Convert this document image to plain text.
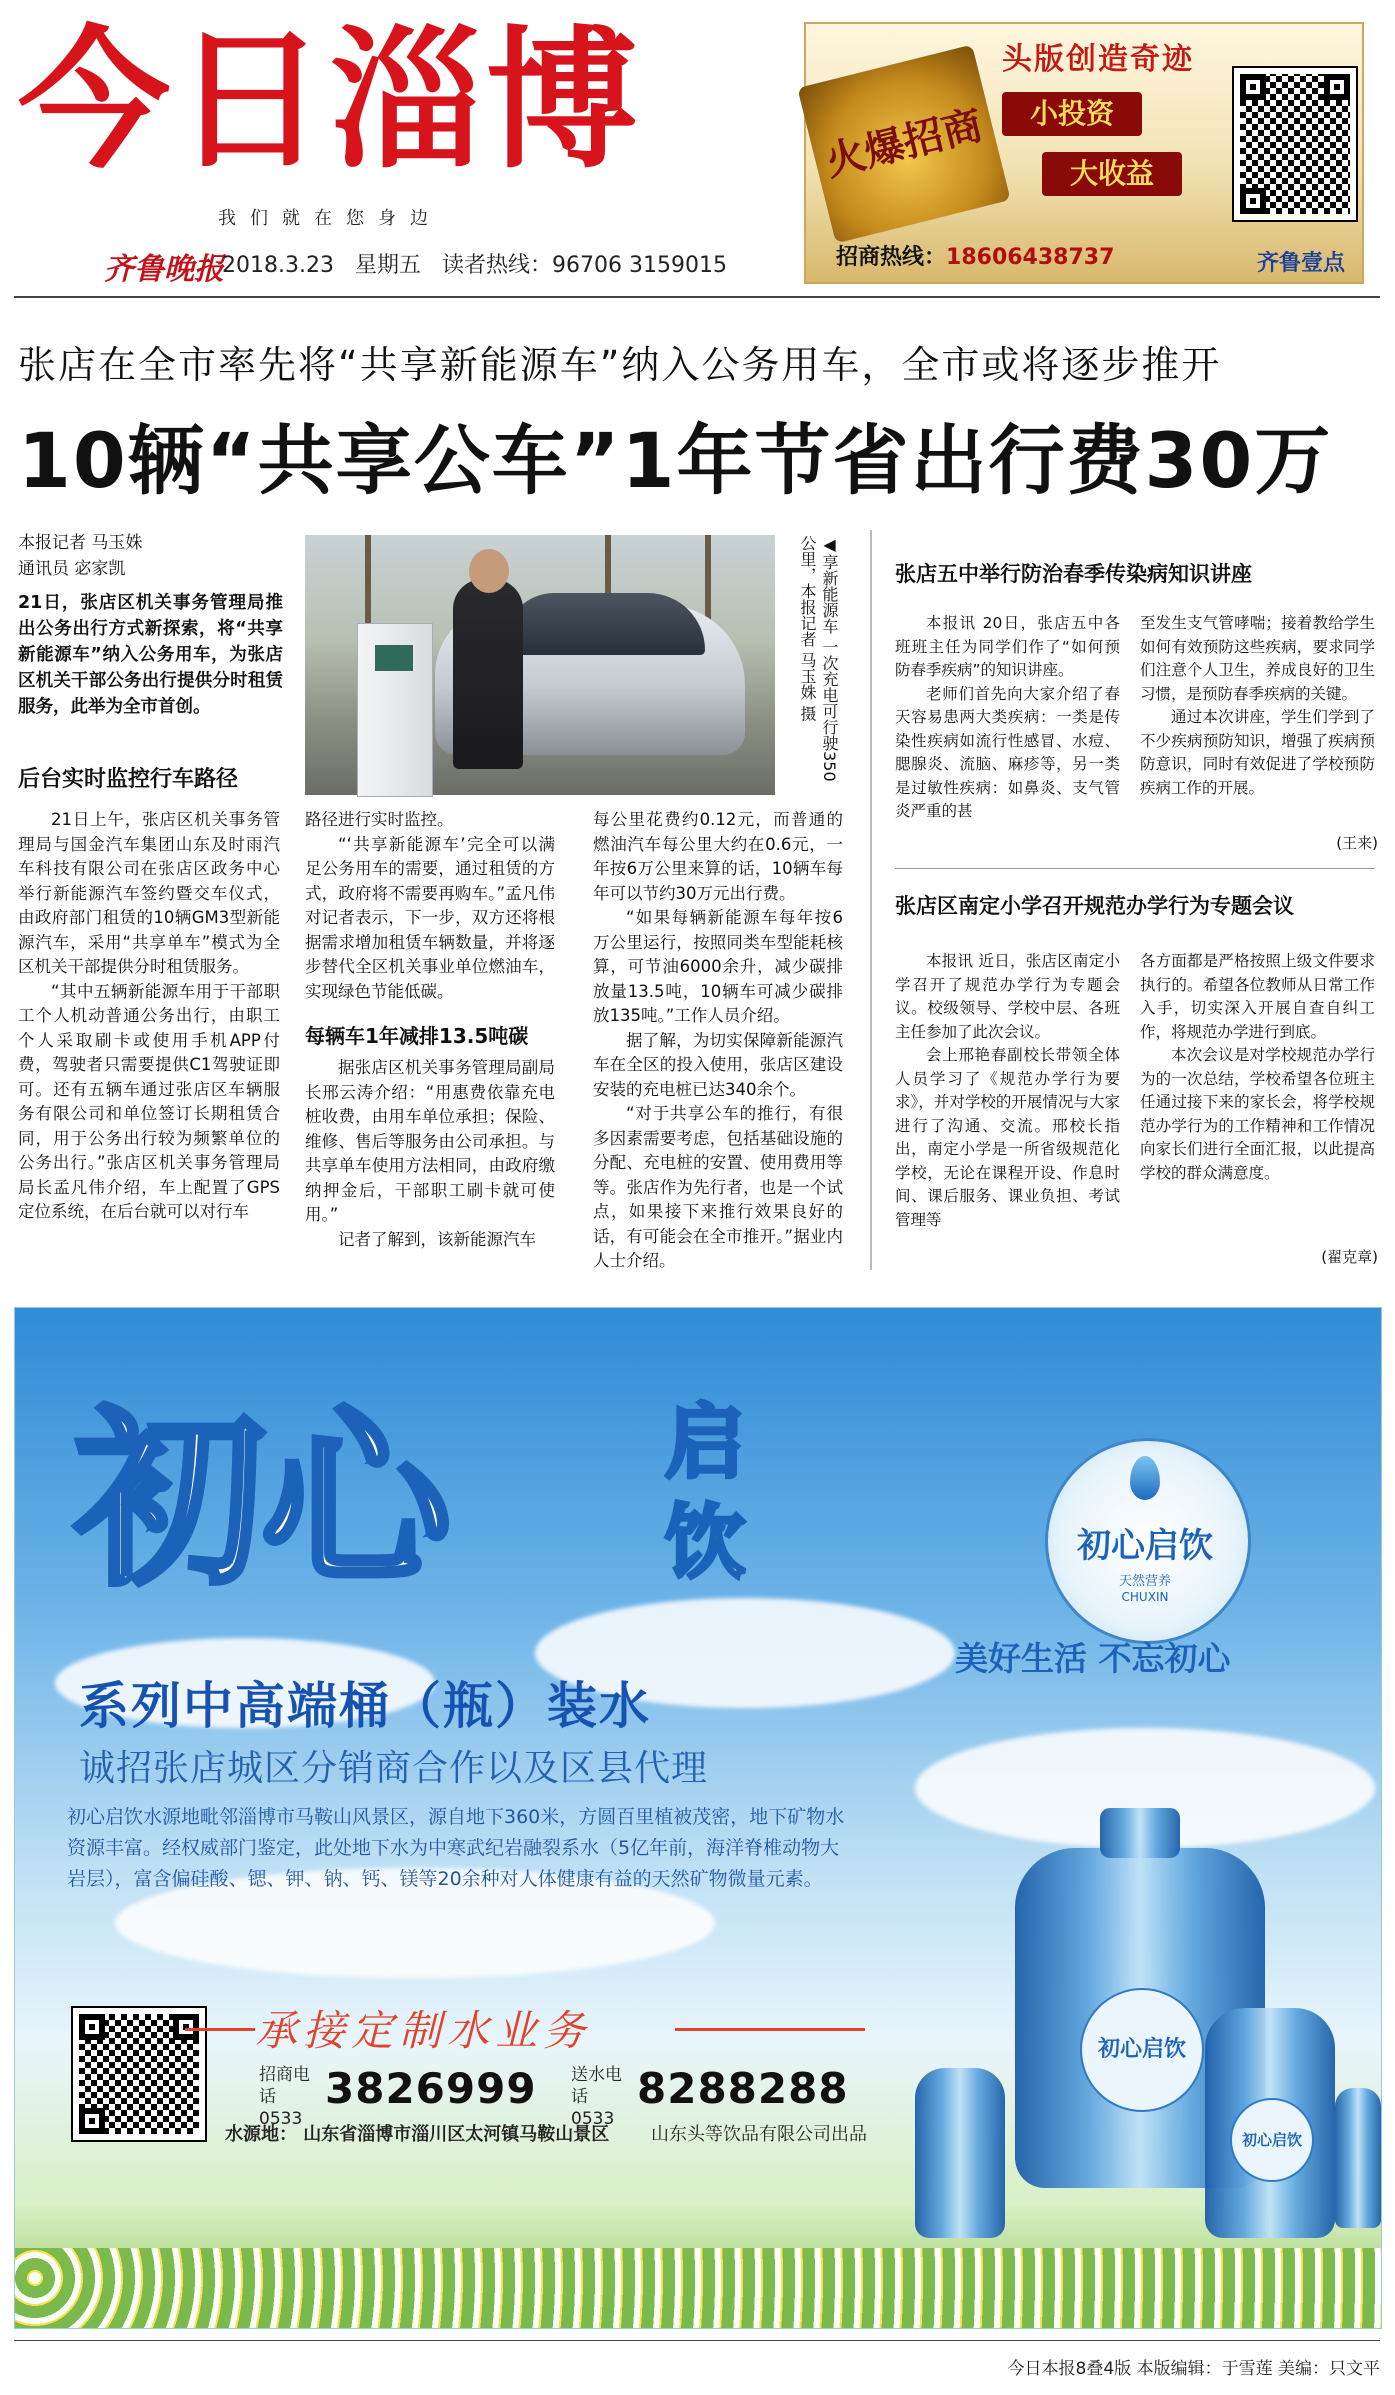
今日淄博
我们就在您身边
齐鲁晚报
2018.3.23 星期五 读者热线：96706 3159015
火爆招商
头版创造奇迹
小投资
大收益
招商热线：18606438737	齐鲁壹点
张店在全市率先将“共享新能源车”纳入公务用车，全市或将逐步推开
10辆“共享公车”1年节省出行费30万
本报记者 马玉姝
通讯员 宓家凯
21日，张店区机关事务管理局推出公务出行方式新探索，将“共享新能源车”纳入公务用车，为张店区机关干部公务出行提供分时租赁服务，此举为全市首创。
后台实时监控行车路径

21日上午，张店区机关事务管理局与国金汽车集团山东及时雨汽车科技有限公司在张店区政务中心举行新能源汽车签约暨交车仪式，由政府部门租赁的10辆GM3型新能源汽车，采用“共享单车”模式为全区机关干部提供分时租赁服务。

“其中五辆新能源车用于干部职工个人机动普通公务出行，由职工个人采取刷卡或使用手机APP付费，驾驶者只需要提供C1驾驶证即可。还有五辆车通过张店区车辆服务有限公司和单位签订长期租赁合同，用于公务出行较为频繁单位的公务出行。”张店区机关事务管理局局长孟凡伟介绍，车上配置了GPS定位系统，在后台就可以对行车

◀享新能源车 一次充电可行驶350公里，本报记者 马玉姝 摄

路径进行实时监控。

“‘共享新能源车’完全可以满足公务用车的需要，通过租赁的方式，政府将不需要再购车。”孟凡伟对记者表示，下一步，双方还将根据需求增加租赁车辆数量，并将逐步替代全区机关事业单位燃油车，实现绿色节能低碳。

每辆车1年减排13.5吨碳

据张店区机关事务管理局副局长邢云涛介绍：“用惠费依靠充电桩收费，由用车单位承担；保险、维修、售后等服务由公司承担。与共享单车使用方法相同，由政府缴纳押金后，干部职工刷卡就可使用。”

记者了解到，该新能源汽车

每公里花费约0.12元，而普通的燃油汽车每公里大约在0.6元，一年按6万公里来算的话，10辆车每年可以节约30万元出行费。

“如果每辆新能源车每年按6万公里运行，按照同类车型能耗核算，可节油6000余升，减少碳排放量13.5吨，10辆车可减少碳排放135吨。”工作人员介绍。

据了解，为切实保障新能源汽车在全区的投入使用，张店区建设安装的充电桩已达340余个。

“对于共享公车的推行，有很多因素需要考虑，包括基础设施的分配、充电桩的安置、使用费用等等。张店作为先行者，也是一个试点，如果接下来推行效果良好的话，有可能会在全市推开。”据业内人士介绍。

张店五中举行防治春季传染病知识讲座

本报讯 20日，张店五中各班班主任为同学们作了“如何预防春季疾病”的知识讲座。

老师们首先向大家介绍了春天容易患两大类疾病：一类是传染性疾病如流行性感冒、水痘、腮腺炎、流脑、麻疹等，另一类是过敏性疾病：如鼻炎、支气管炎严重的甚

至发生支气管哮喘；接着教给学生如何有效预防这些疾病，要求同学们注意个人卫生，养成良好的卫生习惯，是预防春季疾病的关键。

通过本次讲座，学生们学到了不少疾病预防知识，增强了疾病预防意识，同时有效促进了学校预防疾病工作的开展。

(王来)
张店区南定小学召开规范办学行为专题会议

本报讯 近日，张店区南定小学召开了规范办学行为专题会议。校级领导、学校中层、各班主任参加了此次会议。

会上邢艳春副校长带领全体人员学习了《规范办学行为要求》，并对学校的开展情况与大家进行了沟通、交流。邢校长指出，南定小学是一所省级规范化学校，无论在课程开设、作息时间、课后服务、课业负担、考试管理等

各方面都是严格按照上级文件要求执行的。希望各位教师从日常工作入手，切实深入开展自查自纠工作，将规范办学进行到底。

本次会议是对学校规范办学行为的一次总结，学校希望各位班主任通过接下来的家长会，将学校规范办学行为的工作精神和工作情况向家长们进行全面汇报，以此提高学校的群众满意度。

(翟克章)
初心	启
饮	初心启饮
天然营养
CHUXIN
美好生活 不忘初心
系列中高端桶（瓶）装水
诚招张店城区分销商合作以及区县代理
初心启饮水源地毗邻淄博市马鞍山风景区，源自地下360米，方圆百里植被茂密，地下矿物水资源丰富。经权威部门鉴定，此处地下水为中寒武纪岩融裂系水（5亿年前，海洋脊椎动物大岩层），富含偏硅酸、锶、钾、钠、钙、镁等20余种对人体健康有益的天然矿物微量元素。
承接定制水业务
招商电话
0533
3826999 送水电话
0533
8288288
水源地： 山东省淄博市淄川区太河镇马鞍山景区	山东头等饮品有限公司出品
初心启饮
初心启饮
今日本报8叠4版 本版编辑：于雪莲 美编：只文平
